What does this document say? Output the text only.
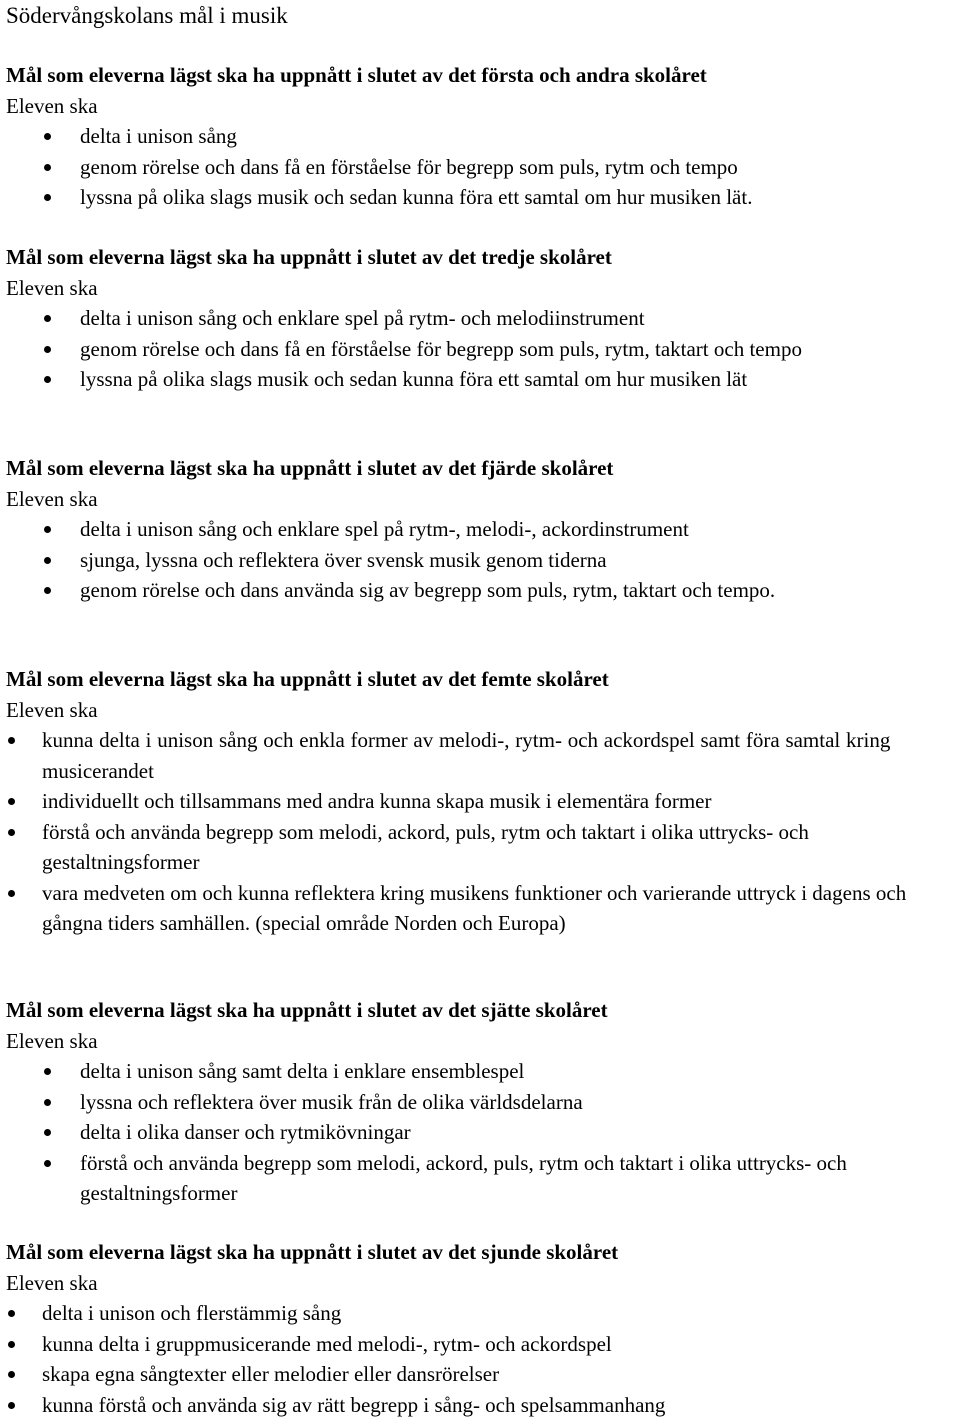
Södervångskolans mål i musik

Mål som eleverna lägst ska ha uppnått i slutet av det första och andra skolåret

Eleven ska

delta i unison sång
genom rörelse och dans få en förståelse för begrepp som puls, rytm och tempo
lyssna på olika slags musik och sedan kunna föra ett samtal om hur musiken lät.

Mål som eleverna lägst ska ha uppnått i slutet av det tredje skolåret

Eleven ska

delta i unison sång och enklare spel på rytm- och melodiinstrument
genom rörelse och dans få en förståelse för begrepp som puls, rytm, taktart och tempo
lyssna på olika slags musik och sedan kunna föra ett samtal om hur musiken lät

Mål som eleverna lägst ska ha uppnått i slutet av det fjärde skolåret

Eleven ska

delta i unison sång och enklare spel på rytm-, melodi-, ackordinstrument
sjunga, lyssna och reflektera över svensk musik genom tiderna
genom rörelse och dans använda sig av begrepp som puls, rytm, taktart och tempo.

Mål som eleverna lägst ska ha uppnått i slutet av det femte skolåret

Eleven ska

kunna delta i unison sång och enkla former av melodi-, rytm- och ackordspel samt föra samtal kring musicerandet
individuellt och tillsammans med andra kunna skapa musik i elementära former
förstå och använda begrepp som melodi, ackord, puls, rytm och taktart i olika uttrycks- och gestaltningsformer
vara medveten om och kunna reflektera kring musikens funktioner och varierande uttryck i dagens och gångna tiders samhällen. (special område Norden och Europa)

Mål som eleverna lägst ska ha uppnått i slutet av det sjätte skolåret

Eleven ska

delta i unison sång samt delta i enklare ensemblespel
lyssna och reflektera över musik från de olika världsdelarna
delta i olika danser och rytmikövningar
förstå och använda begrepp som melodi, ackord, puls, rytm och taktart i olika uttrycks- och gestaltningsformer

Mål som eleverna lägst ska ha uppnått i slutet av det sjunde skolåret

Eleven ska

delta i unison och flerstämmig sång
kunna delta i gruppmusicerande med melodi-, rytm- och ackordspel
skapa egna sångtexter eller melodier eller dansrörelser
kunna förstå och använda sig av rätt begrepp i sång- och spelsammanhang
